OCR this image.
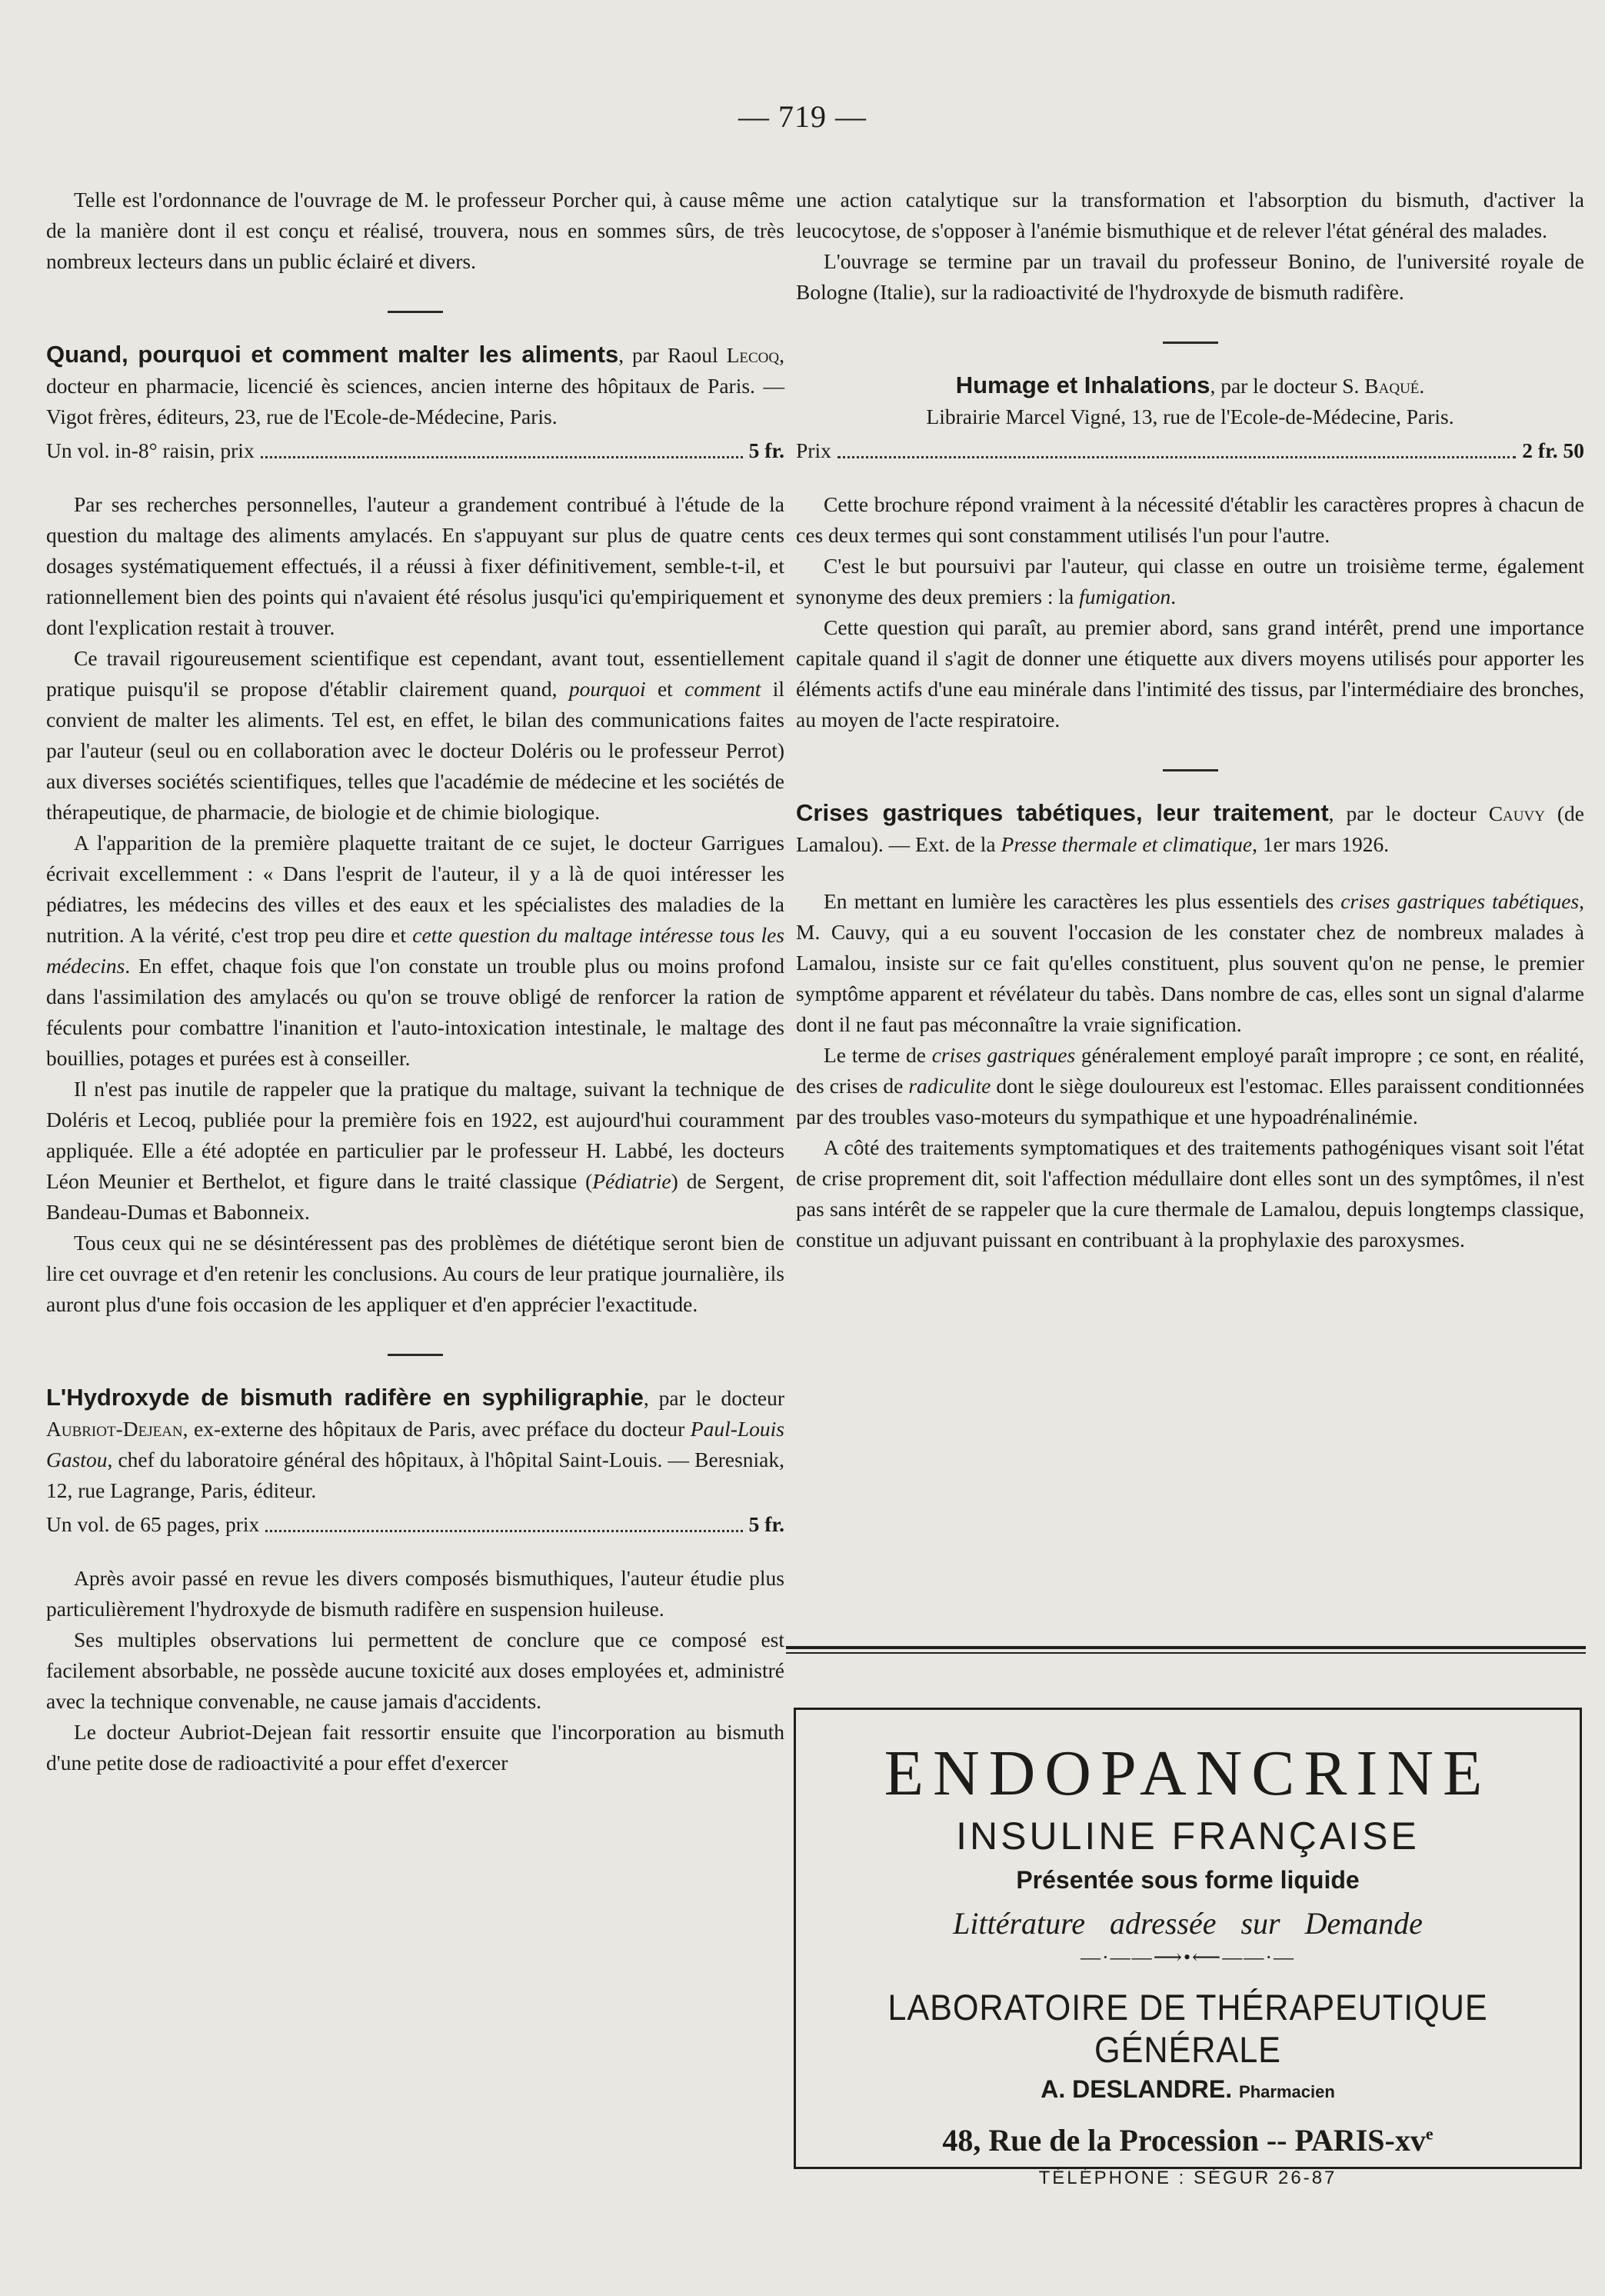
— 719 —

Telle est l'ordonnance de l'ouvrage de M. le professeur Porcher qui, à cause même de la manière dont il est conçu et réalisé, trouvera, nous en sommes sûrs, de très nombreux lecteurs dans un public éclairé et divers.

Quand, pourquoi et comment malter les aliments, par Raoul Lecoq, docteur en pharmacie, licencié ès sciences, ancien interne des hôpitaux de Paris. — Vigot frères, éditeurs, 23, rue de l'Ecole-de-Médecine, Paris.
Un vol. in-8° raisin, prix	5 fr.

Par ses recherches personnelles, l'auteur a grandement contribué à l'étude de la question du maltage des aliments amylacés. En s'appuyant sur plus de quatre cents dosages systématiquement effectués, il a réussi à fixer définitivement, semble-t-il, et rationnellement bien des points qui n'avaient été résolus jusqu'ici qu'empiriquement et dont l'explication restait à trouver.

Ce travail rigoureusement scientifique est cependant, avant tout, essentiellement pratique puisqu'il se propose d'établir clairement quand, pourquoi et comment il convient de malter les aliments. Tel est, en effet, le bilan des communications faites par l'auteur (seul ou en collaboration avec le docteur Doléris ou le professeur Perrot) aux diverses sociétés scientifiques, telles que l'académie de médecine et les sociétés de thérapeutique, de pharmacie, de biologie et de chimie biologique.

A l'apparition de la première plaquette traitant de ce sujet, le docteur Garrigues écrivait excellemment : « Dans l'esprit de l'auteur, il y a là de quoi intéresser les pédiatres, les médecins des villes et des eaux et les spécialistes des maladies de la nutrition. A la vérité, c'est trop peu dire et cette question du maltage intéresse tous les médecins. En effet, chaque fois que l'on constate un trouble plus ou moins profond dans l'assimilation des amylacés ou qu'on se trouve obligé de renforcer la ration de féculents pour combattre l'inanition et l'auto-intoxication intestinale, le maltage des bouillies, potages et purées est à conseiller.

Il n'est pas inutile de rappeler que la pratique du maltage, suivant la technique de Doléris et Lecoq, publiée pour la première fois en 1922, est aujourd'hui couramment appliquée. Elle a été adoptée en particulier par le professeur H. Labbé, les docteurs Léon Meunier et Berthelot, et figure dans le traité classique (Pédiatrie) de Sergent, Bandeau-Dumas et Babonneix.

Tous ceux qui ne se désintéressent pas des problèmes de diététique seront bien de lire cet ouvrage et d'en retenir les conclusions. Au cours de leur pratique journalière, ils auront plus d'une fois occasion de les appliquer et d'en apprécier l'exactitude.

L'Hydroxyde de bismuth radifère en syphiligraphie, par le docteur Aubriot-Dejean, ex-externe des hôpitaux de Paris, avec préface du docteur Paul-Louis Gastou, chef du laboratoire général des hôpitaux, à l'hôpital Saint-Louis. — Beresniak, 12, rue Lagrange, Paris, éditeur.
Un vol. de 65 pages, prix	5 fr.

Après avoir passé en revue les divers composés bismuthiques, l'auteur étudie plus particulièrement l'hydroxyde de bismuth radifère en suspension huileuse.

Ses multiples observations lui permettent de conclure que ce composé est facilement absorbable, ne possède aucune toxicité aux doses employées et, administré avec la technique convenable, ne cause jamais d'accidents.

Le docteur Aubriot-Dejean fait ressortir ensuite que l'incorporation au bismuth d'une petite dose de radioactivité a pour effet d'exercer

une action catalytique sur la transformation et l'absorption du bismuth, d'activer la leucocytose, de s'opposer à l'anémie bismuthique et de relever l'état général des malades.

L'ouvrage se termine par un travail du professeur Bonino, de l'université royale de Bologne (Italie), sur la radioactivité de l'hydroxyde de bismuth radifère.

Humage et Inhalations, par le docteur S. Baqué.
Librairie Marcel Vigné, 13, rue de l'Ecole-de-Médecine, Paris.
Prix	2 fr. 50

Cette brochure répond vraiment à la nécessité d'établir les caractères propres à chacun de ces deux termes qui sont constamment utilisés l'un pour l'autre.

C'est le but poursuivi par l'auteur, qui classe en outre un troisième terme, également synonyme des deux premiers : la fumigation.

Cette question qui paraît, au premier abord, sans grand intérêt, prend une importance capitale quand il s'agit de donner une étiquette aux divers moyens utilisés pour apporter les éléments actifs d'une eau minérale dans l'intimité des tissus, par l'intermédiaire des bronches, au moyen de l'acte respiratoire.

Crises gastriques tabétiques, leur traitement, par le docteur Cauvy (de Lamalou). — Ext. de la Presse thermale et climatique, 1er mars 1926.

En mettant en lumière les caractères les plus essentiels des crises gastriques tabétiques, M. Cauvy, qui a eu souvent l'occasion de les constater chez de nombreux malades à Lamalou, insiste sur ce fait qu'elles constituent, plus souvent qu'on ne pense, le premier symptôme apparent et révélateur du tabès. Dans nombre de cas, elles sont un signal d'alarme dont il ne faut pas méconnaître la vraie signification.

Le terme de crises gastriques généralement employé paraît impropre ; ce sont, en réalité, des crises de radiculite dont le siège douloureux est l'estomac. Elles paraissent conditionnées par des troubles vaso-moteurs du sympathique et une hypoadrénalinémie.

A côté des traitements symptomatiques et des traitements pathogéniques visant soit l'état de crise proprement dit, soit l'affection médullaire dont elles sont un des symptômes, il n'est pas sans intérêt de se rappeler que la cure thermale de Lamalou, depuis longtemps classique, constitue un adjuvant puissant en contribuant à la prophylaxie des paroxysmes.

ENDOPANCRINE
INSULINE FRANÇAISE
Présentée sous forme liquide
Littérature adressée sur Demande
—·——⟶•⟵——·—
LABORATOIRE DE THÉRAPEUTIQUE GÉNÉRALE
A. DESLANDRE. Pharmacien
48, Rue de la Procession -- PARIS-$xv^e$
TÉLÉPHONE : SÉGUR 26-87
